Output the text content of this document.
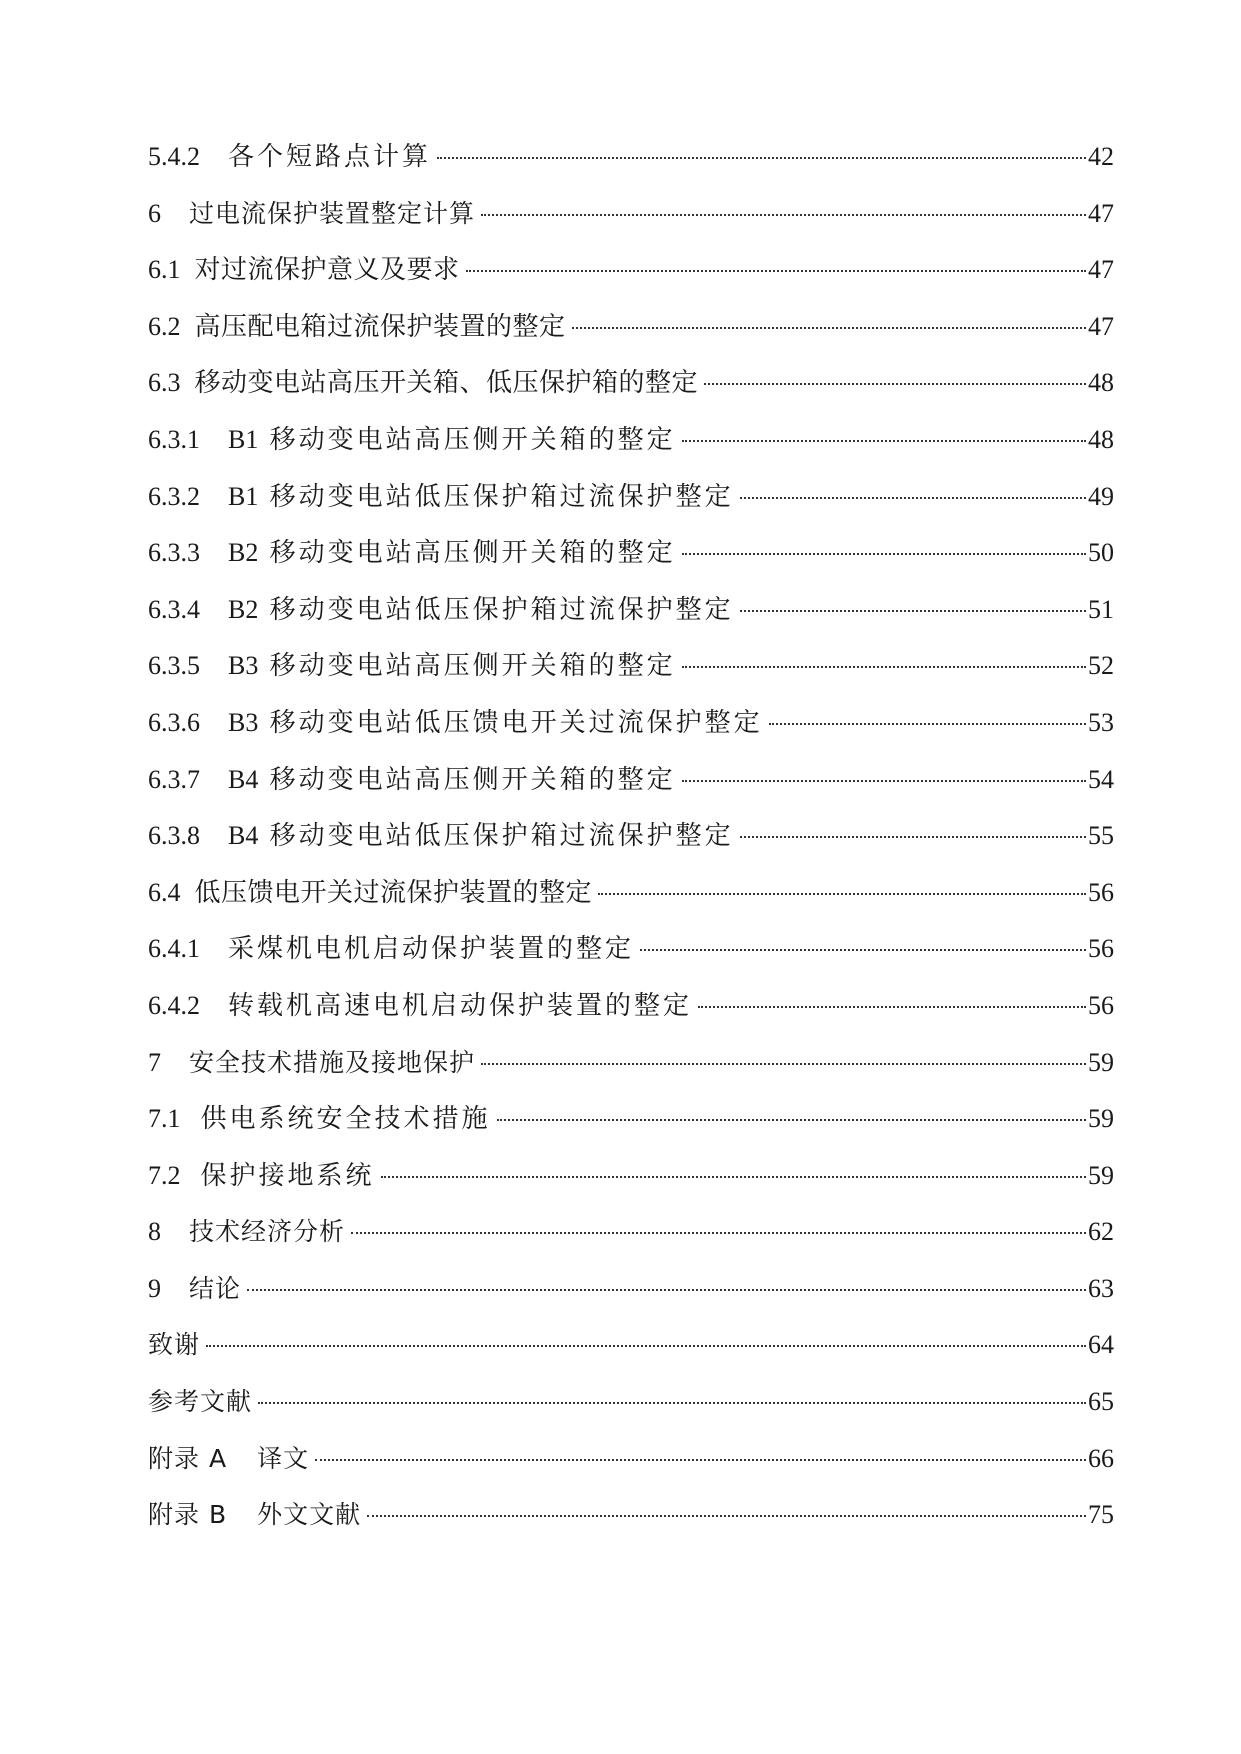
5.4.2 各个短路点计算	42
6 过电流保护装置整定计算	47
6.1 对过流保护意义及要求	47
6.2 高压配电箱过流保护装置的整定	47
6.3 移动变电站高压开关箱、低压保护箱的整定	48
6.3.1 B1 移动变电站高压侧开关箱的整定	48
6.3.2 B1 移动变电站低压保护箱过流保护整定	49
6.3.3 B2 移动变电站高压侧开关箱的整定	50
6.3.4 B2 移动变电站低压保护箱过流保护整定	51
6.3.5 B3 移动变电站高压侧开关箱的整定	52
6.3.6 B3 移动变电站低压馈电开关过流保护整定	53
6.3.7 B4 移动变电站高压侧开关箱的整定	54
6.3.8 B4 移动变电站低压保护箱过流保护整定	55
6.4 低压馈电开关过流保护装置的整定	56
6.4.1 采煤机电机启动保护装置的整定	56
6.4.2 转载机高速电机启动保护装置的整定	56
7 安全技术措施及接地保护	59
7.1 供电系统安全技术措施	59
7.2 保护接地系统	59
8 技术经济分析	62
9 结论	63
致谢	64
参考文献	65
附录 A 译文	66
附录 B 外文文献	75
